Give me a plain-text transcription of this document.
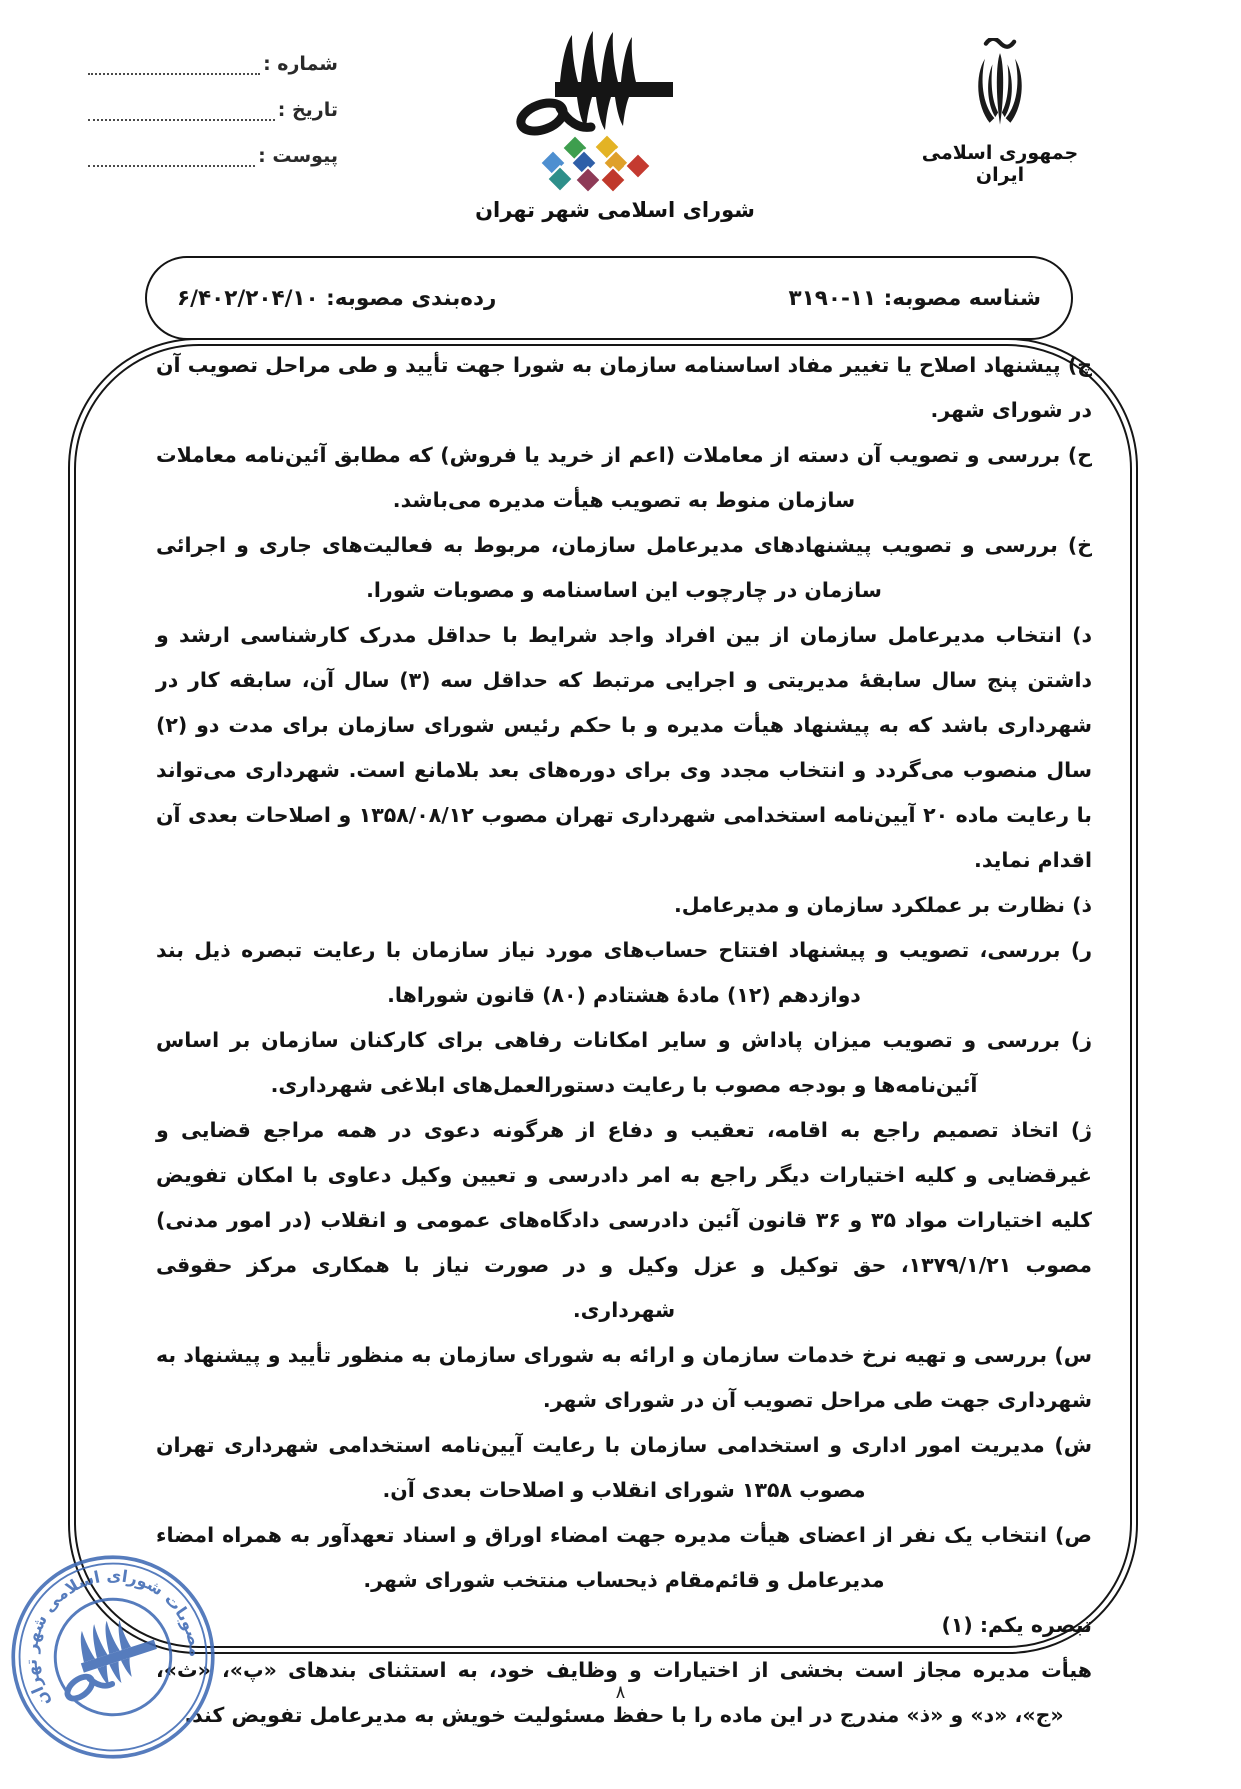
شماره :
تاریخ :
پیوست :
شورای اسلامی شهر تهران
جمهوری اسلامی ایران
شناسه مصوبه: ۱۱-۳۱۹۰
رده‌بندی مصوبه: ۶/۴۰۲/۲۰۴/۱۰

چ) پیشنهاد اصلاح یا تغییر مفاد اساسنامه سازمان به شورا جهت تأیید و طی مراحل تصویب آن در شورای شهر.

ح) بررسی و تصویب آن دسته از معاملات (اعم از خرید یا فروش) که مطابق آئین‌نامه معاملات سازمان منوط به تصویب هیأت مدیره می‌باشد.

خ) بررسی و تصویب پیشنهادهای مدیرعامل سازمان، مربوط به فعالیت‌های جاری و اجرائی سازمان در چارچوب این اساسنامه و مصوبات شورا.

د) انتخاب مدیرعامل سازمان از بین افراد واجد شرایط با حداقل مدرک کارشناسی ارشد و داشتن پنج سال سابقهٔ مدیریتی و اجرایی مرتبط که حداقل سه (۳) سال آن، سابقه کار در شهرداری باشد که به پیشنهاد هیأت مدیره و با حکم رئیس شورای سازمان برای مدت دو (۲) سال منصوب می‌گردد و انتخاب مجدد وی برای دوره‌های بعد بلامانع است. شهرداری می‌تواند با رعایت ماده ۲۰ آیین‌نامه استخدامی شهرداری تهران مصوب ۱۳۵۸/۰۸/۱۲ و اصلاحات بعدی آن اقدام نماید.

ذ) نظارت بر عملکرد سازمان و مدیرعامل.

ر) بررسی، تصویب و پیشنهاد افتتاح حساب‌های مورد نیاز سازمان با رعایت تبصره ذیل بند دوازدهم (۱۲) مادهٔ هشتادم (۸۰) قانون شوراها.

ز) بررسی و تصویب میزان پاداش و سایر امکانات رفاهی برای کارکنان سازمان بر اساس آئین‌نامه‌ها و بودجه مصوب با رعایت دستورالعمل‌های ابلاغی شهرداری.

ژ) اتخاذ تصمیم راجع به اقامه، تعقیب و دفاع از هرگونه دعوی در همه مراجع قضایی و غیرقضایی و کلیه اختیارات دیگر راجع به امر دادرسی و تعیین وکیل دعاوی با امکان تفویض کلیه اختیارات مواد ۳۵ و ۳۶ قانون آئین دادرسی دادگاه‌های عمومی و انقلاب (در امور مدنی) مصوب ۱۳۷۹/۱/۲۱، حق توکیل و عزل وکیل و در صورت نیاز با همکاری مرکز حقوقی شهرداری.

س) بررسی و تهیه نرخ خدمات سازمان و ارائه به شورای سازمان به منظور تأیید و پیشنهاد به شهرداری جهت طی مراحل تصویب آن در شورای شهر.

ش) مدیریت امور اداری و استخدامی سازمان با رعایت آیین‌نامه استخدامی شهرداری تهران مصوب ۱۳۵۸ شورای انقلاب و اصلاحات بعدی آن.

ص) انتخاب یک نفر از اعضای هیأت مدیره جهت امضاء اوراق و اسناد تعهدآور به همراه امضاء مدیرعامل و قائم‌مقام ذیحساب منتخب شورای شهر.

تبصره یکم: (۱)

هیأت مدیره مجاز است بخشی از اختیارات و وظایف خود، به استثنای بندهای «پ»، «ث»، «ج»، «د» و «ذ» مندرج در این ماده را با حفظ مسئولیت خویش به مدیرعامل تفویض کند.

مصوبات شورای اسلامی شهر تهران
۸
